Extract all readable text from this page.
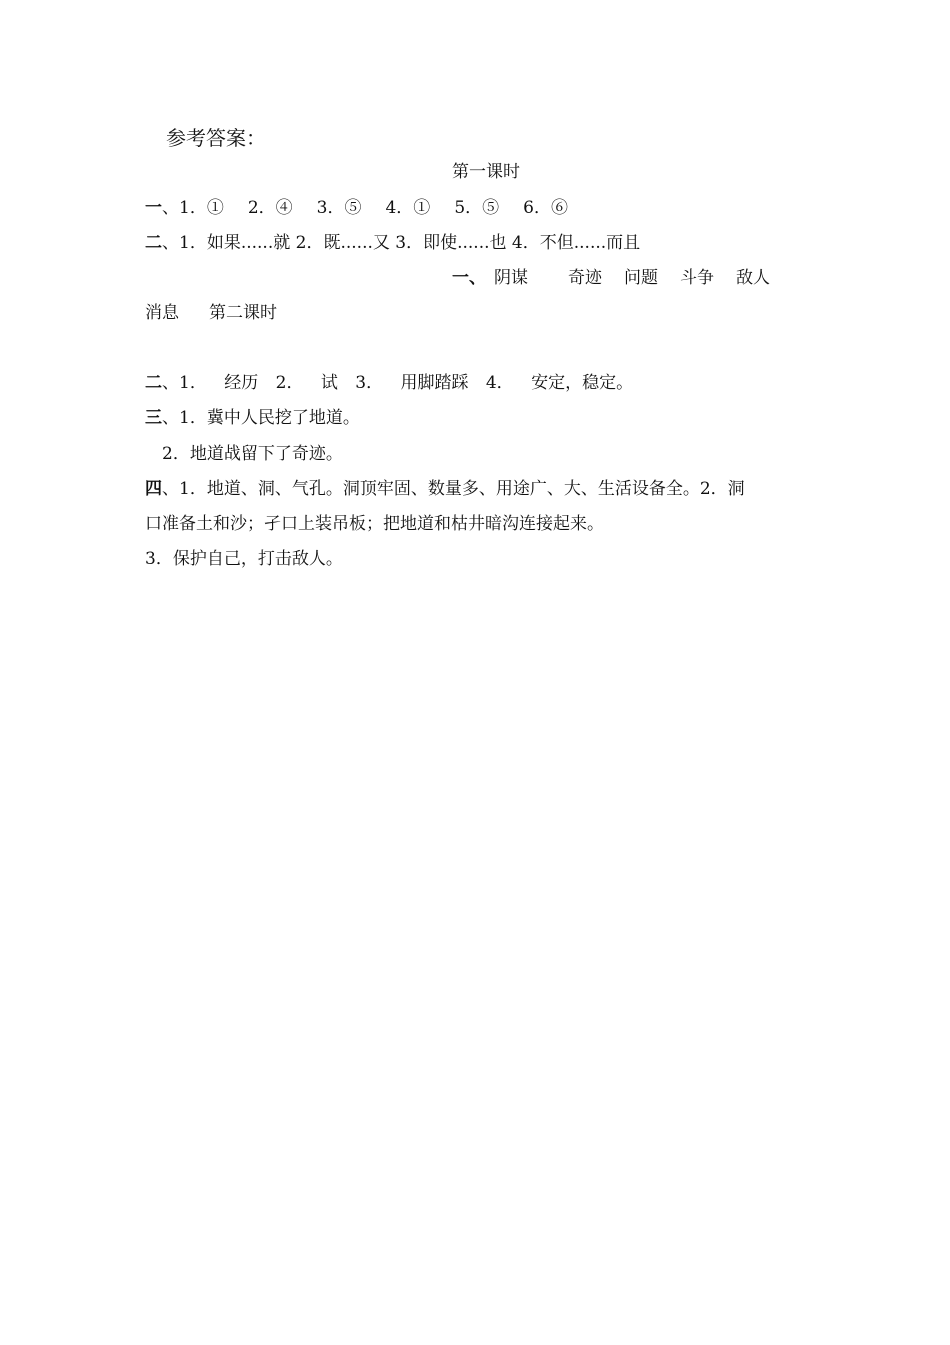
参考答案：
第一课时
一、1．① 2．④ 3．⑤ 4．① 5．⑤ 6．⑥
二、1．如果......就 2．既......又 3．即使......也 4．不但......而且
一、 阴谋 奇迹 问题 斗争 敌人
消息 第二课时
二、1． 经历 2． 试 3． 用脚踏踩 4． 安定，稳定。
三、1．冀中人民挖了地道。
2．地道战留下了奇迹。
四、1．地道、洞、气孔。洞顶牢固、数量多、用途广、大、生活设备全。2．洞
口准备土和沙；孑口上装吊板；把地道和枯井暗沟连接起来。
3．保护自己，打击敌人。
